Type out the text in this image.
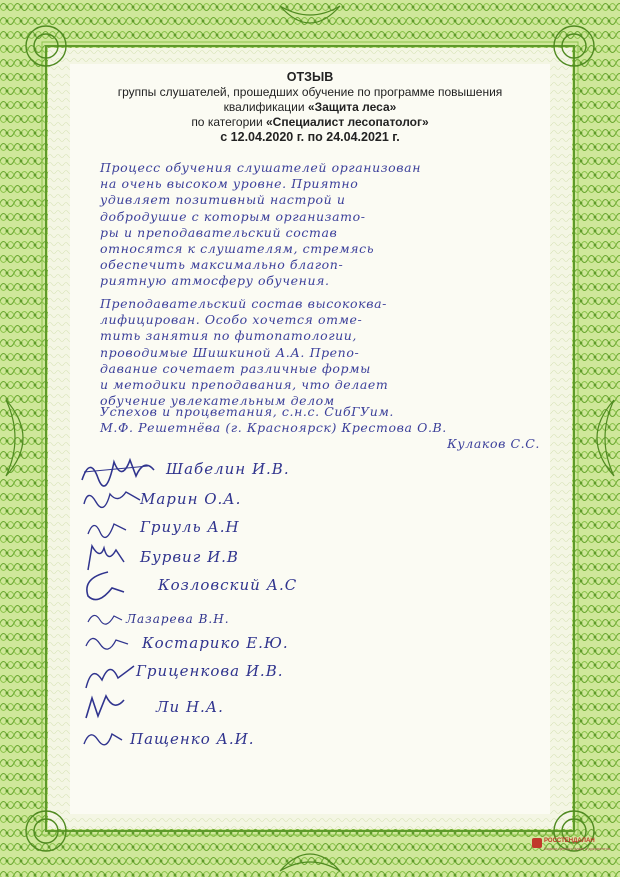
ОТЗЫВ
группы слушателей, прошедших обучение по программе повышения
квалификации «Защита леса»
по категории «Специалист лесопатолог»
с 12.04.2020 г. по 24.04.2021 г.
Процесс обучения слушателей организован
на очень высоком уровне. Приятно
удивляет позитивный настрой и
добродушие с которым организато-
ры и преподавательский состав
относятся к слушателям, стремясь
обеспечить максимально благоп-
риятную атмосферу обучения.
Преподавательский состав высококва-
лифицирован. Особо хочется отме-
тить занятия по фитопатологии,
проводимые Шишкиной А.А. Препо-
давание сочетает различные формы
и методики преподавания, что делает
обучение увлекательным делом
Успехов и процветания, с.н.с. СибГУим.
М.Ф. Решетнёва (г. Красноярск) Крестова О.В.
Кулаков С.С.
Шабелин И.В.
Марин О.А.
Гриуль А.Н
Бурвиг И.В
Козловский А.С
Лазарева В.Н.
Костарико Е.Ю.
Гриценкова И.В.
Ли Н.А.
Пащенко А.И.
РОССТЕНДАЛАН
Бланки ценных бумаг и документов
